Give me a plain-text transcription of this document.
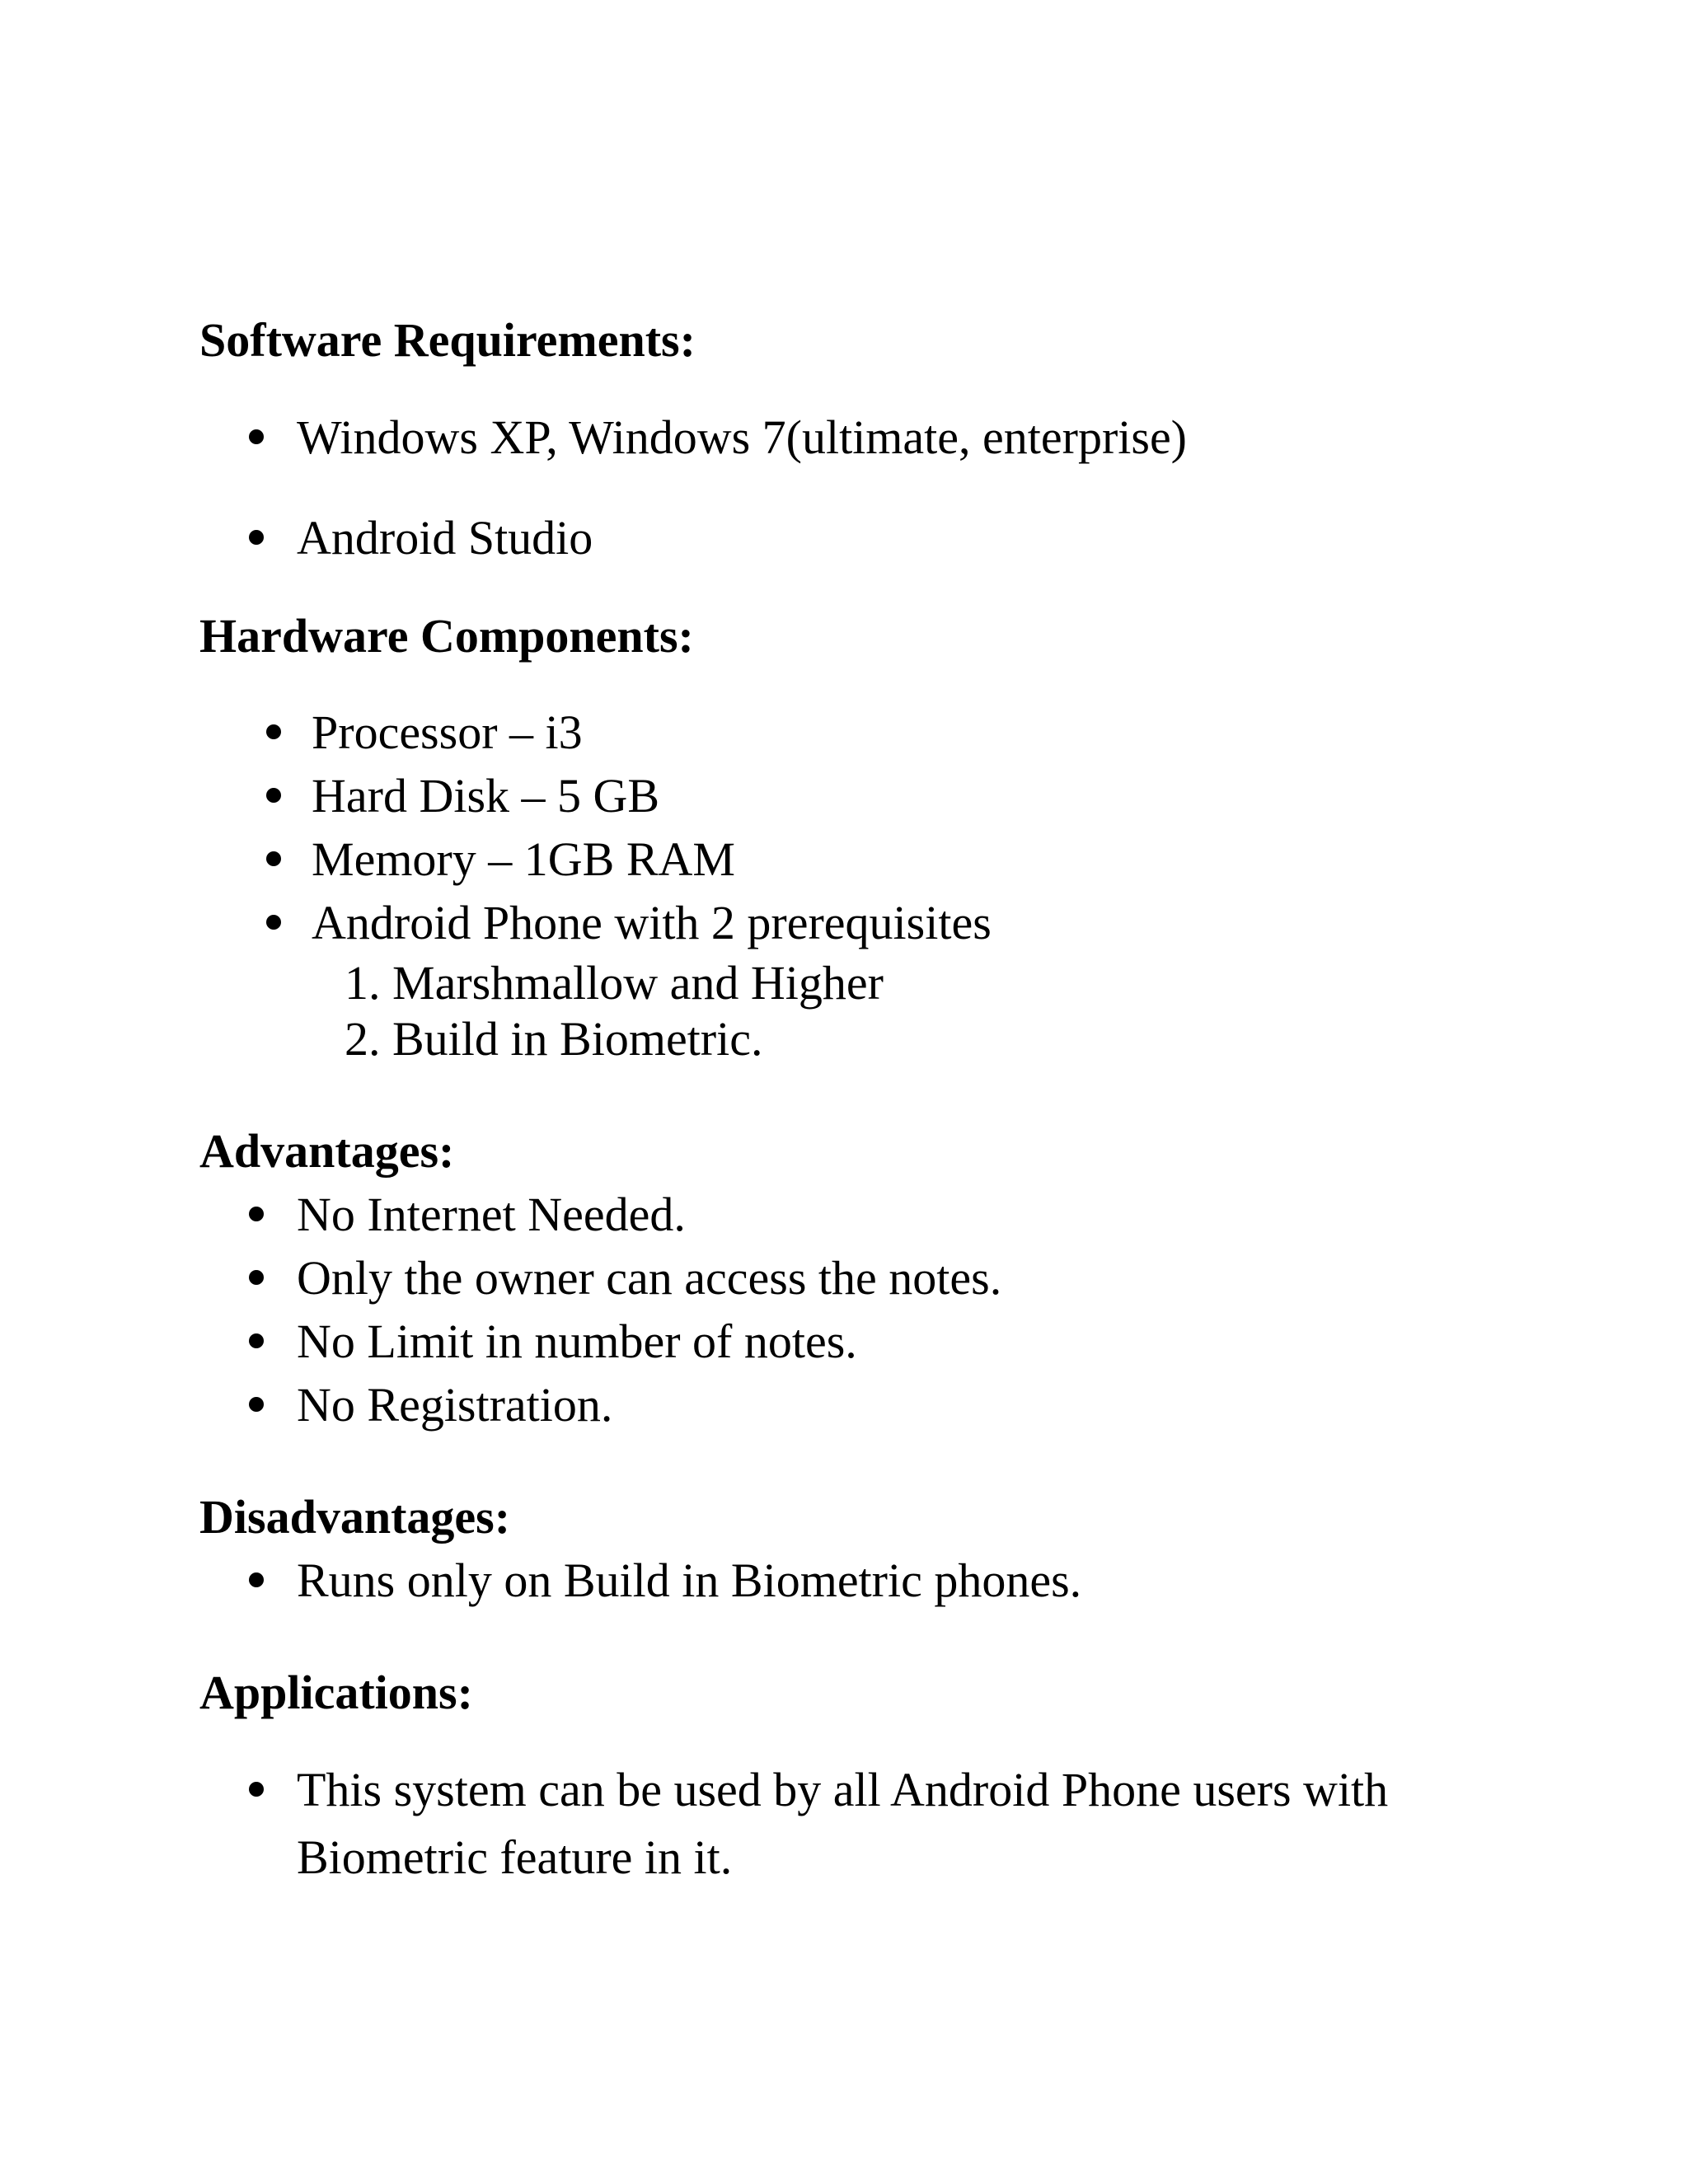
Software Requirements:
Windows XP, Windows 7(ultimate, enterprise)
Android Studio
Hardware Components:
Processor – i3
Hard Disk – 5 GB
Memory – 1GB RAM
Android Phone with 2 prerequisites
1. Marshmallow and Higher
2. Build in Biometric.
Advantages:
No Internet Needed.
Only the owner can access the notes.
No Limit in number of notes.
No Registration.
Disadvantages:
Runs only on Build in Biometric phones.
Applications:
This system can be used by all Android Phone users with
Biometric feature in it.
